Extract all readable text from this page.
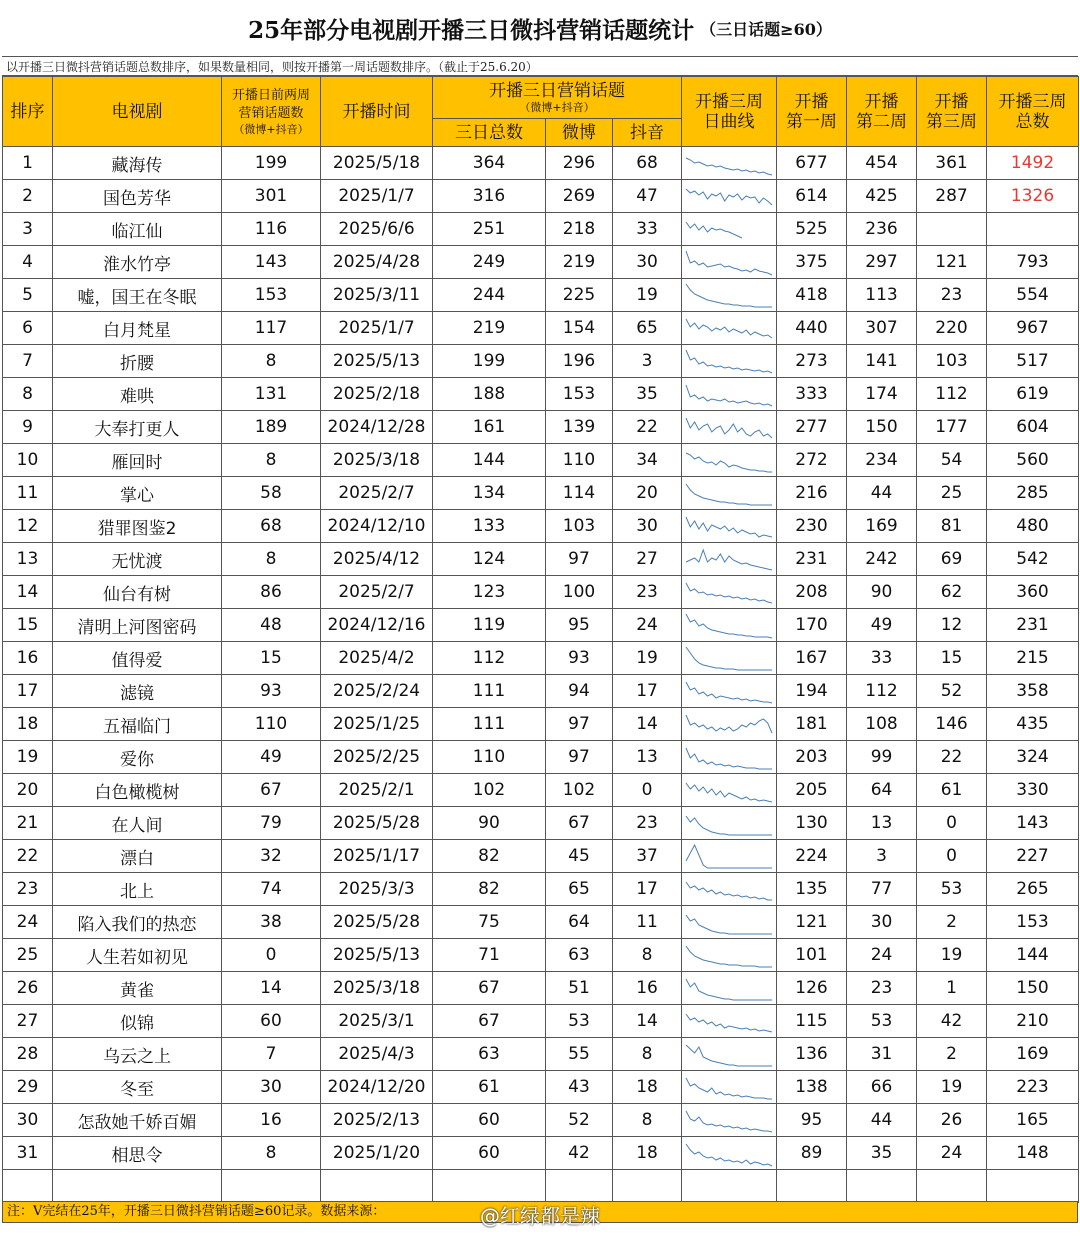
25年部分电视剧开播三日微抖营销话题统计 （三日话题≥60）
以开播三日微抖营销话题总数排序，如果数量相同，则按开播第一周话题数排序。（截止于25.6.20）
排序	电视剧	开播日前两周
营销话题数
（微博+抖音）	开播时间	开播三日营销话题
（微博+抖音）			开播三周
日曲线	开播
第一周	开播
第二周	开播
第三周	开播三周
总数

				三日总数	微博	抖音					
1	藏海传	199	2025/5/18	364	296	68		677	454	361	1492
2	国色芳华	301	2025/1/7	316	269	47		614	425	287	1326
3	临江仙	116	2025/6/6	251	218	33		525	236		
4	淮水竹亭	143	2025/4/28	249	219	30		375	297	121	793
5	嘘，国王在冬眠	153	2025/3/11	244	225	19		418	113	23	554
6	白月梵星	117	2025/1/7	219	154	65		440	307	220	967
7	折腰	8	2025/5/13	199	196	3		273	141	103	517
8	难哄	131	2025/2/18	188	153	35		333	174	112	619
9	大奉打更人	189	2024/12/28	161	139	22		277	150	177	604
10	雁回时	8	2025/3/18	144	110	34		272	234	54	560
11	掌心	58	2025/2/7	134	114	20		216	44	25	285
12	猎罪图鉴2	68	2024/12/10	133	103	30		230	169	81	480
13	无忧渡	8	2025/4/12	124	97	27		231	242	69	542
14	仙台有树	86	2025/2/7	123	100	23		208	90	62	360
15	清明上河图密码	48	2024/12/16	119	95	24		170	49	12	231
16	值得爱	15	2025/4/2	112	93	19		167	33	15	215
17	滤镜	93	2025/2/24	111	94	17		194	112	52	358
18	五福临门	110	2025/1/25	111	97	14		181	108	146	435
19	爱你	49	2025/2/25	110	97	13		203	99	22	324
20	白色橄榄树	67	2025/2/1	102	102	0		205	64	61	330
21	在人间	79	2025/5/28	90	67	23		130	13	0	143
22	漂白	32	2025/1/17	82	45	37		224	3	0	227
23	北上	74	2025/3/3	82	65	17		135	77	53	265
24	陷入我们的热恋	38	2025/5/28	75	64	11		121	30	2	153
25	人生若如初见	0	2025/5/13	71	63	8		101	24	19	144
26	黄雀	14	2025/3/18	67	51	16		126	23	1	150
27	似锦	60	2025/3/1	67	53	14		115	53	42	210
28	乌云之上	7	2025/4/3	63	55	8		136	31	2	169
29	冬至	30	2024/12/20	61	43	18		138	66	19	223
30	怎敌她千娇百媚	16	2025/2/13	60	52	8		95	44	26	165
31	相思令	8	2025/1/20	60	42	18		89	35	24	148

注：V完结在25年，开播三日微抖营销话题≥60记录。数据来源：	@红绿都是辣
